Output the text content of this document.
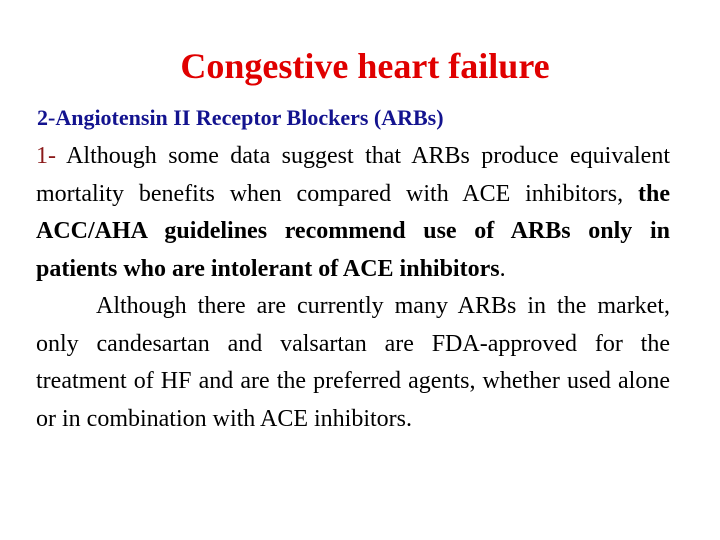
Congestive heart failure
2-Angiotensin II Receptor Blockers (ARBs)
1- Although some data suggest that ARBs produce equivalent mortality benefits when compared with ACE inhibitors, the ACC/AHA guidelines recommend use of ARBs only in patients who are intolerant of ACE inhibitors.
Although there are currently many ARBs in the market, only candesartan and valsartan are FDA-approved for the treatment of HF and are the preferred agents, whether used alone or in combination with ACE inhibitors.
